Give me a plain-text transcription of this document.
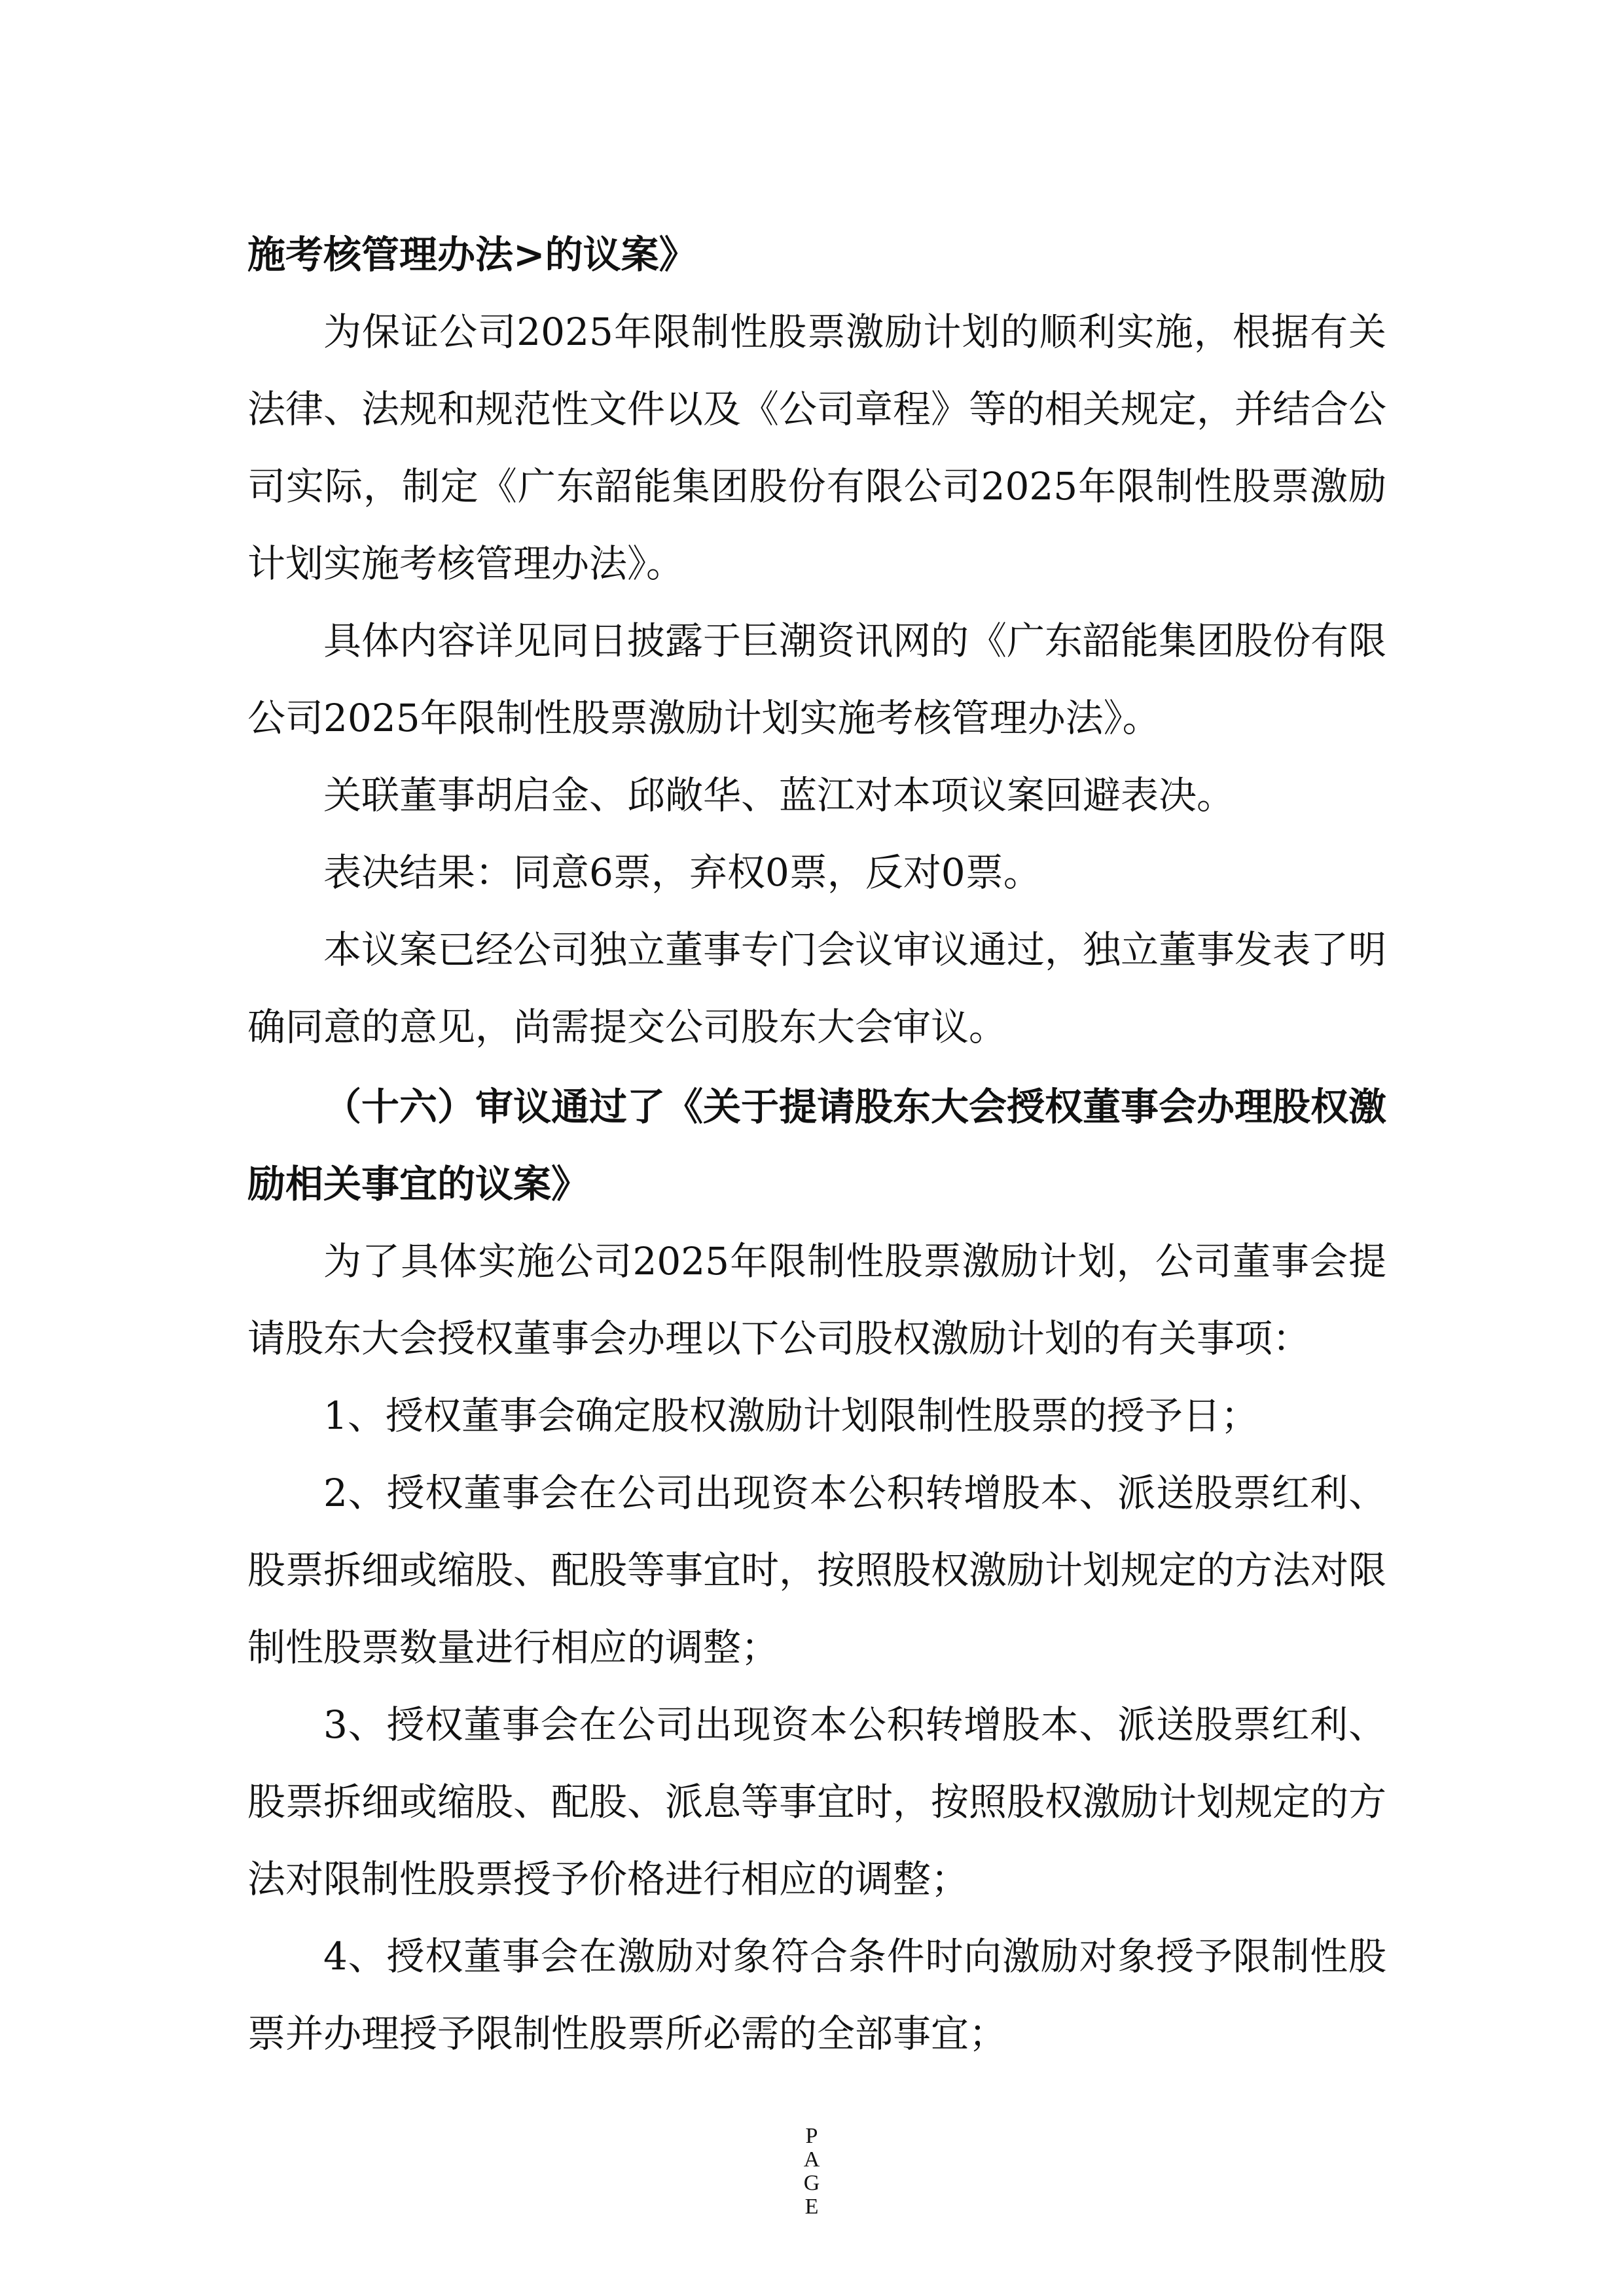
施考核管理办法>的议案》

为保证公司2025年限制性股票激励计划的顺利实施，根据有关法律、法规和规范性文件以及《公司章程》等的相关规定，并结合公司实际，制定《广东韶能集团股份有限公司2025年限制性股票激励计划实施考核管理办法》。

具体内容详见同日披露于巨潮资讯网的《广东韶能集团股份有限公司2025年限制性股票激励计划实施考核管理办法》。

关联董事胡启金、邱敞华、蓝江对本项议案回避表决。

表决结果：同意6票，弃权0票，反对0票。

本议案已经公司独立董事专门会议审议通过，独立董事发表了明确同意的意见，尚需提交公司股东大会审议。

（十六）审议通过了《关于提请股东大会授权董事会办理股权激励相关事宜的议案》

为了具体实施公司2025年限制性股票激励计划，公司董事会提请股东大会授权董事会办理以下公司股权激励计划的有关事项：

1、授权董事会确定股权激励计划限制性股票的授予日；

2、授权董事会在公司出现资本公积转增股本、派送股票红利、股票拆细或缩股、配股等事宜时，按照股权激励计划规定的方法对限制性股票数量进行相应的调整；

3、授权董事会在公司出现资本公积转增股本、派送股票红利、股票拆细或缩股、配股、派息等事宜时，按照股权激励计划规定的方法对限制性股票授予价格进行相应的调整；

4、授权董事会在激励对象符合条件时向激励对象授予限制性股票并办理授予限制性股票所必需的全部事宜；

P
A
G
E
